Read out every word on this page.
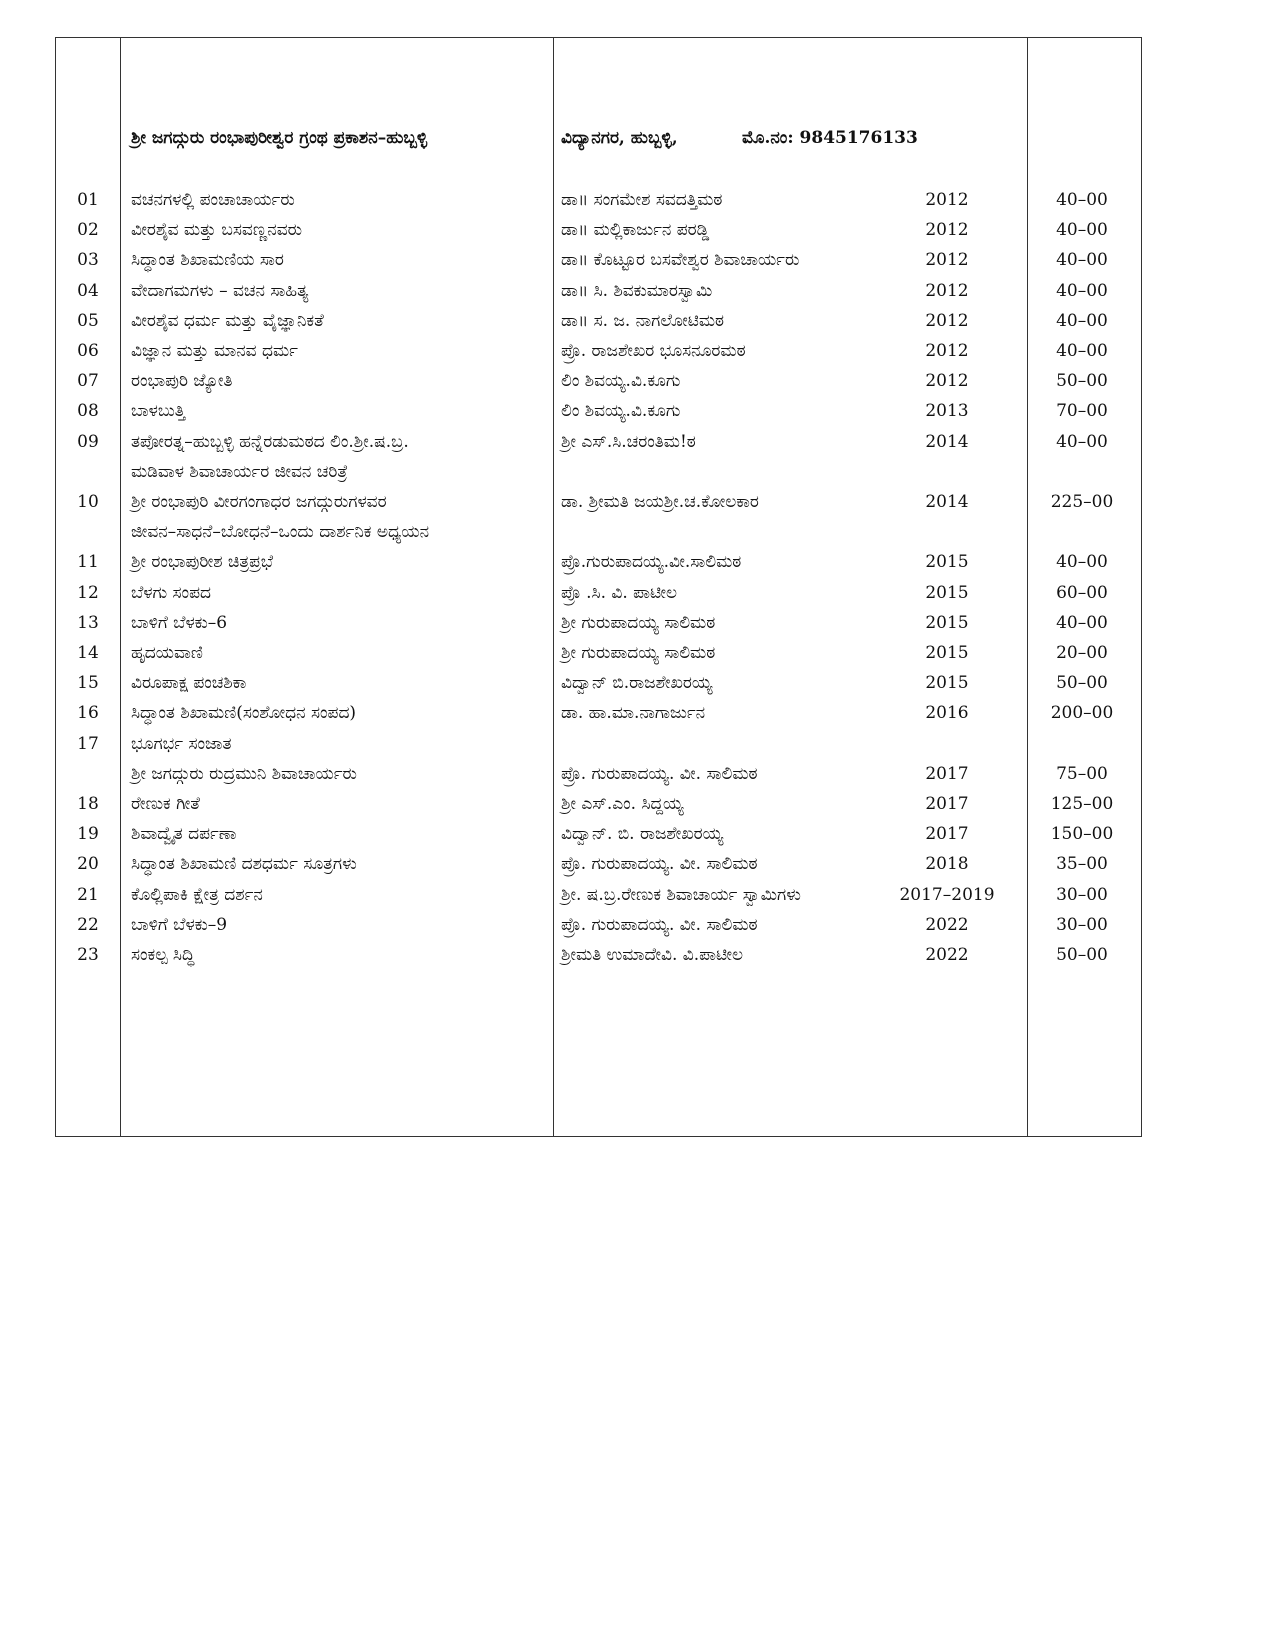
ಶ್ರೀ ಜಗದ್ಗುರು ರಂಭಾಪುರೀಶ್ವರ ಗ್ರಂಥ ಪ್ರಕಾಶನ–ಹುಬ್ಬಳ್ಳಿ	ವಿದ್ಯಾನಗರ, ಹುಬ್ಬಳ್ಳಿ,	ಮೊ.ನಂ: 9845176133
01	ವಚನಗಳಲ್ಲಿ ಪಂಚಾಚಾರ್ಯರು	ಡಾ॥ ಸಂಗಮೇಶ ಸವದತ್ತಿಮಠ	2012	40–00
02	ವೀರಶೈವ ಮತ್ತು ಬಸವಣ್ಣನವರು	ಡಾ॥ ಮಲ್ಲಿಕಾರ್ಜುನ ಪರಡ್ಡಿ	2012	40–00
03	ಸಿದ್ಧಾಂತ ಶಿಖಾಮಣಿಯ ಸಾರ	ಡಾ॥ ಕೊಟ್ಟೂರ ಬಸವೇಶ್ವರ ಶಿವಾಚಾರ್ಯರು	2012	40–00
04	ವೇದಾಗಮಗಳು – ವಚನ ಸಾಹಿತ್ಯ	ಡಾ॥ ಸಿ. ಶಿವಕುಮಾರಸ್ವಾಮಿ	2012	40–00
05	ವೀರಶೈವ ಧರ್ಮ ಮತ್ತು ವೈಜ್ಞಾನಿಕತೆ	ಡಾ॥ ಸ. ಜ. ನಾಗಲೋಟಿಮಠ	2012	40–00
06	ವಿಜ್ಞಾನ ಮತ್ತು ಮಾನವ ಧರ್ಮ	ಪ್ರೊ. ರಾಜಶೇಖರ ಭೂಸನೂರಮಠ	2012	40–00
07	ರಂಭಾಪುರಿ ಜ್ಯೋತಿ	ಲಿಂ ಶಿವಯ್ಯ.ವಿ.ಕೂಗು	2012	50–00
08	ಬಾಳಬುತ್ತಿ	ಲಿಂ ಶಿವಯ್ಯ.ವಿ.ಕೂಗು	2013	70–00
09	ತಪೋರತ್ನ–ಹುಬ್ಬಳ್ಳಿ ಹನ್ನೆರಡುಮಠದ ಲಿಂ.ಶ್ರೀ.ಷ.ಬ್ರ.	ಶ್ರೀ ಎಸ್.ಸಿ.ಚರಂತಿಮ!ಠ	2014	40–00
ಮಡಿವಾಳ ಶಿವಾಚಾರ್ಯರ ಜೀವನ ಚರಿತ್ರೆ
10	ಶ್ರೀ ರಂಭಾಪುರಿ ವೀರಗಂಗಾಧರ ಜಗದ್ಗುರುಗಳವರ	ಡಾ. ಶ್ರೀಮತಿ ಜಯಶ್ರೀ.ಚ.ಕೋಲಕಾರ	2014	225–00
ಜೀವನ–ಸಾಧನೆ–ಬೋಧನೆ–ಒಂದು ದಾರ್ಶನಿಕ ಅಧ್ಯಯನ
11	ಶ್ರೀ ರಂಭಾಪುರೀಶ ಚಿತ್ರಪ್ರಭೆ	ಪ್ರೊ.ಗುರುಪಾದಯ್ಯ.ವೀ.ಸಾಲಿಮಠ	2015	40–00
12	ಬೆಳಗು ಸಂಪದ	ಪ್ರೊ .ಸಿ. ವಿ. ಪಾಟೀಲ	2015	60–00
13	ಬಾಳಿಗೆ ಬೆಳಕು–6	ಶ್ರೀ ಗುರುಪಾದಯ್ಯ ಸಾಲಿಮಠ	2015	40–00
14	ಹೃದಯವಾಣಿ	ಶ್ರೀ ಗುರುಪಾದಯ್ಯ ಸಾಲಿಮಠ	2015	20–00
15	ವಿರೂಪಾಕ್ಷ ಪಂಚಶಿಕಾ	ವಿದ್ವಾನ್ ಬಿ.ರಾಜಶೇಖರಯ್ಯ	2015	50–00
16	ಸಿದ್ಧಾಂತ ಶಿಖಾಮಣಿ(ಸಂಶೋಧನ ಸಂಪದ)	ಡಾ. ಹಾ.ಮಾ.ನಾಗಾರ್ಜುನ	2016	200–00
17	ಭೂಗರ್ಭ ಸಂಜಾತ
ಶ್ರೀ ಜಗದ್ಗುರು ರುದ್ರಮುನಿ ಶಿವಾಚಾರ್ಯರು	ಪ್ರೊ. ಗುರುಪಾದಯ್ಯ. ವೀ. ಸಾಲಿಮಠ	2017	75–00
18	ರೇಣುಕ ಗೀತೆ	ಶ್ರೀ ಎಸ್.ಎಂ. ಸಿದ್ದಯ್ಯ	2017	125–00
19	ಶಿವಾದ್ವೈತ ದರ್ಪಣಾ	ವಿದ್ವಾನ್. ಬಿ. ರಾಜಶೇಖರಯ್ಯ	2017	150–00
20	ಸಿದ್ಧಾಂತ ಶಿಖಾಮಣಿ ದಶಧರ್ಮ ಸೂತ್ರಗಳು	ಪ್ರೊ. ಗುರುಪಾದಯ್ಯ. ವೀ. ಸಾಲಿಮಠ	2018	35–00
21	ಕೊಲ್ಲಿಪಾಕಿ ಕ್ಷೇತ್ರ ದರ್ಶನ	ಶ್ರೀ. ಷ.ಬ್ರ.ರೇಣುಕ ಶಿವಾಚಾರ್ಯ ಸ್ವಾಮಿಗಳು	2017–2019	30–00
22	ಬಾಳಿಗೆ ಬೆಳಕು–9	ಪ್ರೊ. ಗುರುಪಾದಯ್ಯ. ವೀ. ಸಾಲಿಮಠ	2022	30–00
23	ಸಂಕಲ್ಪ ಸಿದ್ಧಿ	ಶ್ರೀಮತಿ ಉಮಾದೇವಿ. ವಿ.ಪಾಟೀಲ	2022	50–00
